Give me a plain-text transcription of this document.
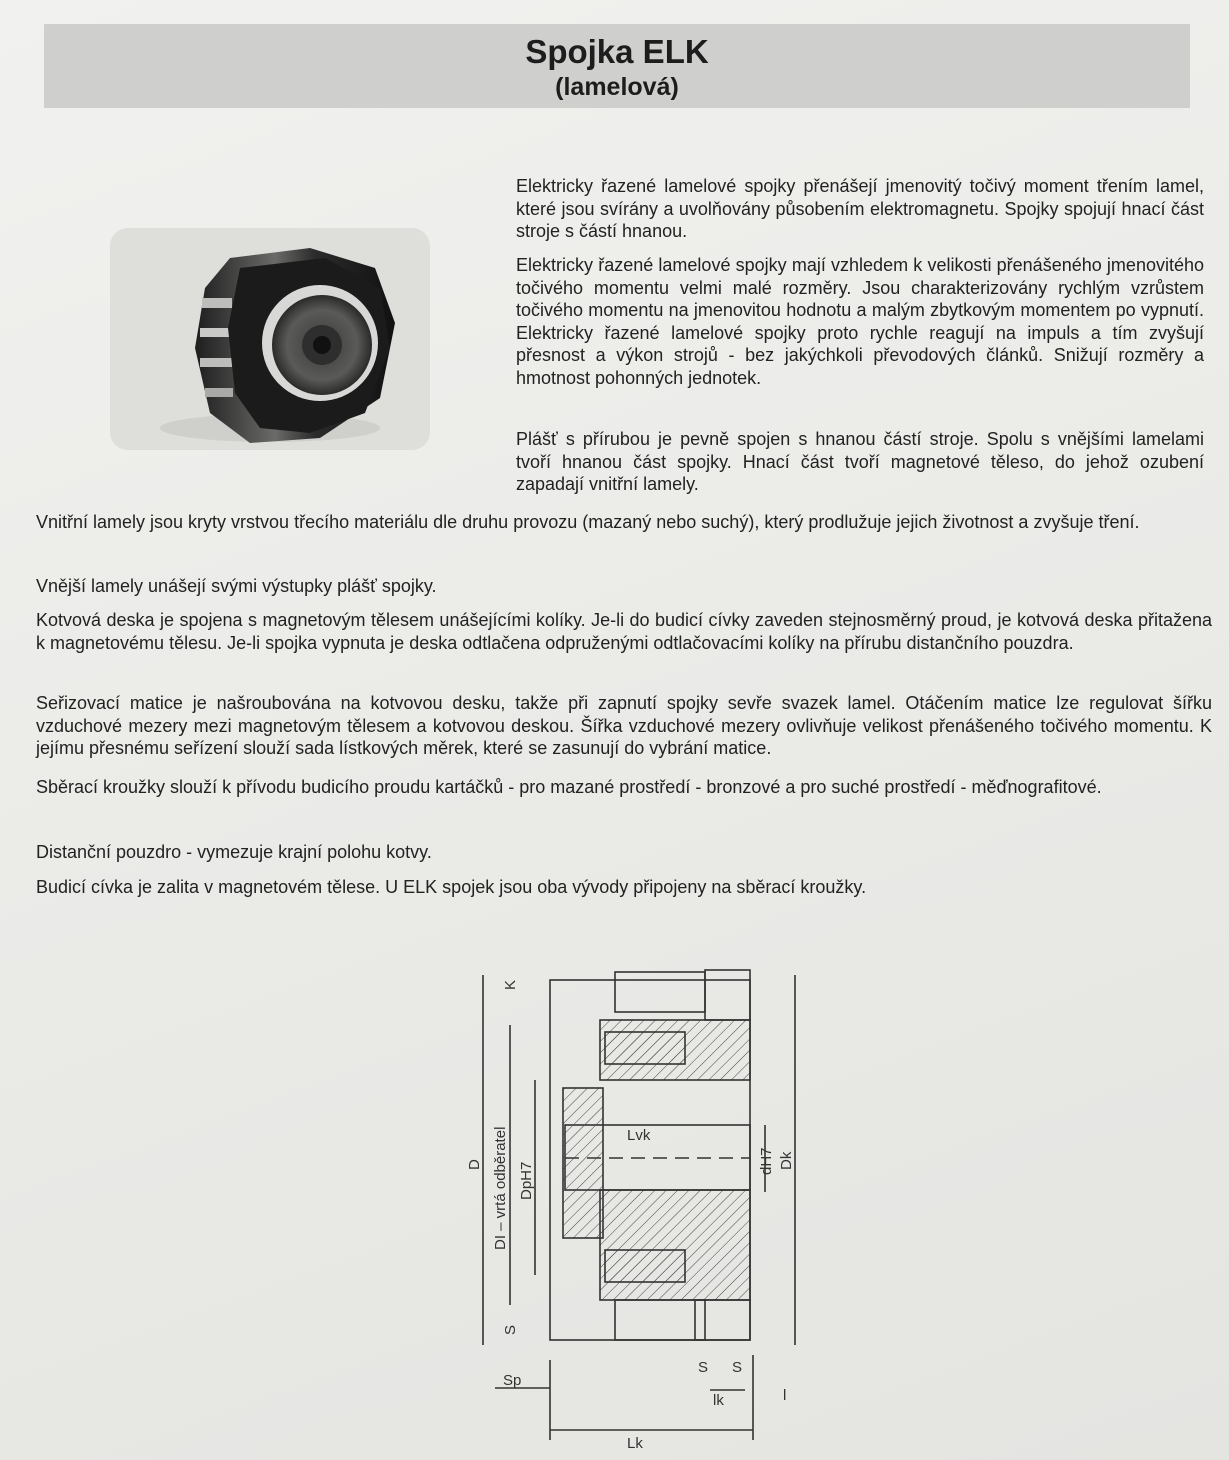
Spojka ELK
(lamelová)

Elektricky řazené lamelové spojky přenášejí jmenovitý točivý moment třením lamel, které jsou svírány a uvolňovány působením elektromagnetu. Spojky spojují hnací část stroje s částí hnanou.

Elektricky řazené lamelové spojky mají vzhledem k velikosti přenášeného jmenovitého točivého momentu velmi malé rozměry. Jsou charakterizovány rychlým vzrůstem točivého momentu na jmenovitou hodnotu a malým zbytkovým momentem po vypnutí. Elektricky řazené lamelové spojky proto rychle reagují na impuls a tím zvyšují přesnost a výkon strojů - bez jakýchkoli převodových článků. Snižují rozměry a hmotnost pohonných jednotek.

Plášť s přírubou je pevně spojen s hnanou částí stroje. Spolu s vnějšími lamelami tvoří hnanou část spojky. Hnací část tvoří magnetové těleso, do jehož ozubení zapadají vnitřní lamely.

Vnitřní lamely jsou kryty vrstvou třecího materiálu dle druhu provozu (mazaný nebo suchý), který prodlužuje jejich životnost a zvyšuje tření.

Vnější lamely unášejí svými výstupky plášť spojky.

Kotvová deska je spojena s magnetovým tělesem unášejícími kolíky. Je-li do budicí cívky zaveden stejnosměrný proud, je kotvová deska přitažena k magnetovému tělesu. Je-li spojka vypnuta je deska odtlačena odpruženými odtlačovacími kolíky na přírubu distančního pouzdra.

Seřizovací matice je našroubována na kotvovou desku, takže při zapnutí spojky sevře svazek lamel. Otáčením matice lze regulovat šířku vzduchové mezery mezi magnetovým tělesem a kotvovou deskou. Šířka vzduchové mezery ovlivňuje velikost přenášeného točivého momentu. K jejímu přesnému seřízení slouží sada lístkových měrek, které se zasunují do vybrání matice.

Sběrací kroužky slouží k přívodu budicího proudu kartáčků - pro mazané prostředí - bronzové a pro suché prostředí - měďnografitové.

Distanční pouzdro - vymezuje krajní polohu kotvy.

Budicí cívka je zalita v magnetovém tělese. U ELK spojek jsou oba vývody připojeny na sběrací kroužky.

K
D DI – vrtá odběratel DpH7
S
Sp
Lvk
dH7 Dk
S S
lk	l
Lk
